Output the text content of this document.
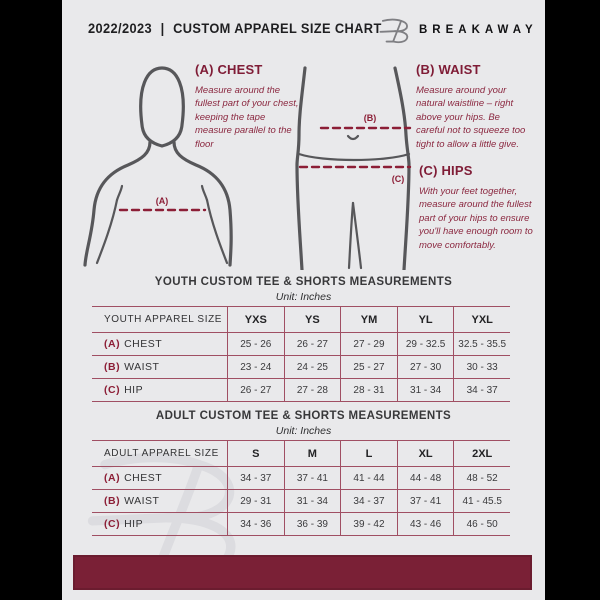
2022/2023 | CUSTOM APPAREL SIZE CHART	BREAKAWAY
(A)
(B)
(C)

(A) CHEST

Measure around the fullest part of your chest, keeping the tape measure parallel to the floor

(B) WAIST

Measure around your natural waistline – right above your hips. Be careful not to squeeze too tight to allow a little give.

(C) HIPS

With your feet together, measure around the fullest part of your hips to ensure you'll have enough room to move comfortably.

YOUTH CUSTOM TEE & SHORTS MEASUREMENTS
Unit: Inches
YOUTH APPAREL SIZE	YXS	YS	YM	YL	YXL
(A) CHEST	25 - 26	26 - 27	27 - 29	29 - 32.5	32.5 - 35.5
(B) WAIST	23 - 24	24 - 25	25 - 27	27 - 30	30 - 33
(C) HIP	26 - 27	27 - 28	28 - 31	31 - 34	34 - 37
ADULT CUSTOM TEE & SHORTS MEASUREMENTS
Unit: Inches
ADULT APPAREL SIZE	S	M	L	XL	2XL
(A) CHEST	34 - 37	37 - 41	41 - 44	44 - 48	48 - 52
(B) WAIST	29 - 31	31 - 34	34 - 37	37 - 41	41 - 45.5
(C) HIP	34 - 36	36 - 39	39 - 42	43 - 46	46 - 50
